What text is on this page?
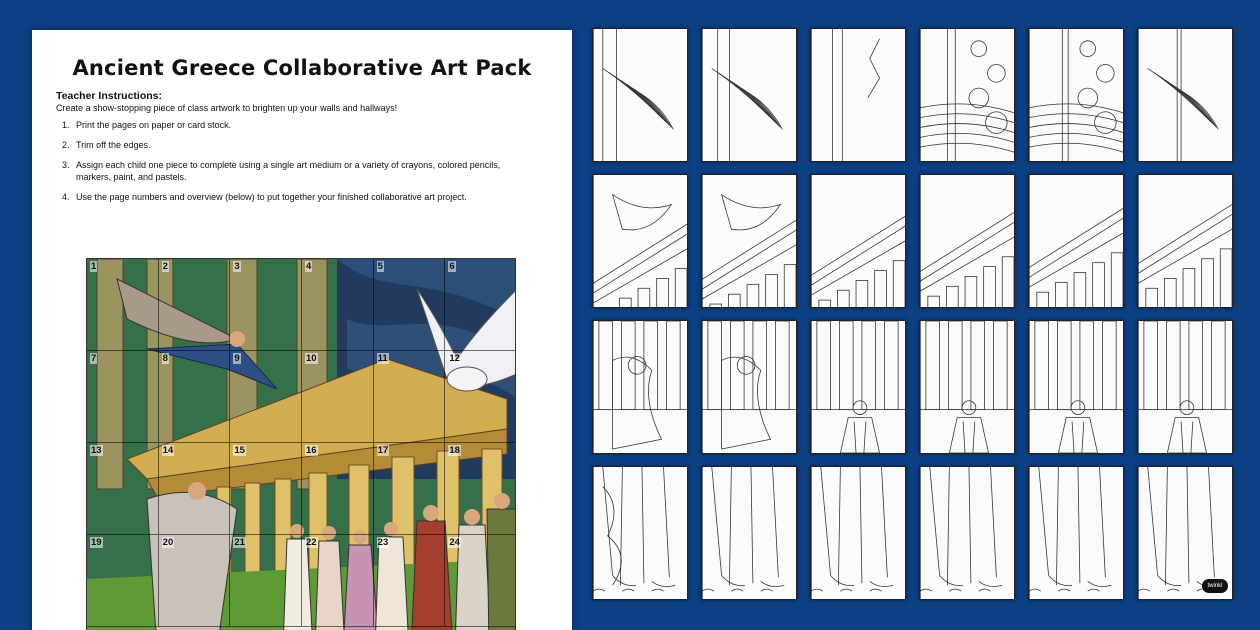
Ancient Greece Collaborative Art Pack
Teacher Instructions:
Create a show-stopping piece of class artwork to brighten up your walls and hallways!
1. Print the pages on paper or card stock.
2. Trim off the edges.
3. Assign each child one piece to complete using a single art medium or a variety of crayons, colored pencils, markers, paint, and pastels.
4. Use the page numbers and overview (below) to put together your finished collaborative art project.
1	2	3	4	5	6
7	8	9	10	11	12
13	14	15	16	17	18
19	20	21	22	23	24
twinkl
